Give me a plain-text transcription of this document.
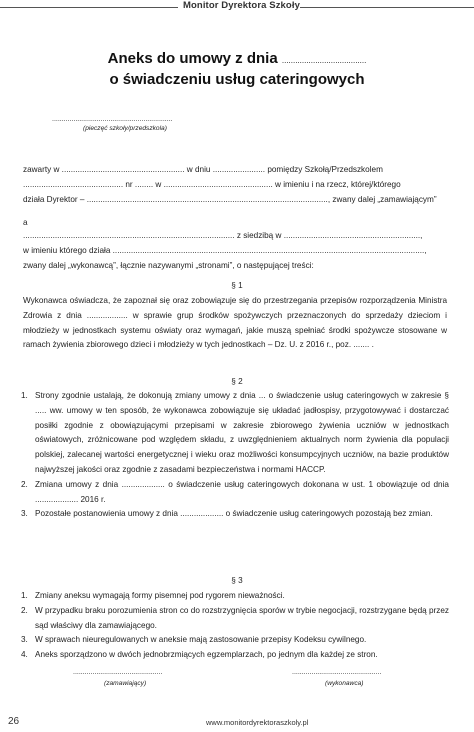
Monitor Dyrektora Szkoły
Aneks do umowy z dnia ......................................
o świadczeniu usług cateringowych
..............................................................
(pieczęć szkoły/przedszkola)
zawarty w ...................................................... w dniu ....................... pomiędzy Szkołą/Przedszkolem
............................................ nr ........ w ................................................ w imieniu i na rzecz, której/którego
działa Dyrektor – .........................................................................................................., zwany dalej „zamawiającym”
a
............................................................................................. z siedzibą w ............................................................,
w imieniu którego działa .........................................................................................................................................,
zwany dalej „wykonawcą”, łącznie nazywanymi „stronami”, o następującej treści:
§ 1
Wykonawca oświadcza, że zapoznał się oraz zobowiązuje się do przestrzegania przepisów rozporządzenia Ministra Zdrowia z dnia .................. w sprawie grup środków spożywczych przeznaczonych do sprzedaży dzieciom i młodzieży w jednostkach systemu oświaty oraz wymagań, jakie muszą spełniać środki spożywcze stosowane w ramach żywienia zbiorowego dzieci i młodzieży w tych jednostkach – Dz. U. z 2016 r., poz. ....... .
§ 2
1. Strony zgodnie ustalają, że dokonują zmiany umowy z dnia ... o świadczenie usług cateringowych w zakresie § ..... ww. umowy w ten sposób, że wykonawca zobowiązuje się układać jadłospisy, przygotowywać i dostarczać posiłki zgodnie z obowiązującymi przepisami w zakresie zbiorowego żywienia uczniów w jednostkach oświatowych, zróżnicowane pod względem składu, z uwzględnieniem aktualnych norm żywienia dla populacji polskiej, zalecanej wartości energetycznej i wieku oraz możliwości konsumpcyjnych uczniów, na bazie produktów najwyższej jakości oraz zgodnie z zasadami bezpieczeństwa i normami HACCP.
2. Zmiana umowy z dnia ................... o świadczenie usług cateringowych dokonana w ust. 1 obowiązuje od dnia ................... 2016 r.
3. Pozostałe postanowienia umowy z dnia ................... o świadczenie usług cateringowych pozostają bez zmian.
§ 3
1. Zmiany aneksu wymagają formy pisemnej pod rygorem nieważności.
2. W przypadku braku porozumienia stron co do rozstrzygnięcia sporów w trybie negocjacji, rozstrzygane będą przez sąd właściwy dla zamawiającego.
3. W sprawach nieuregulowanych w aneksie mają zastosowanie przepisy Kodeksu cywilnego.
4. Aneks sporządzono w dwóch jednobrzmiących egzemplarzach, po jednym dla każdej ze stron.
..............................................
(zamawiający)
..............................................
(wykonawca)
26	www.monitordyrektoraszkoly.pl
